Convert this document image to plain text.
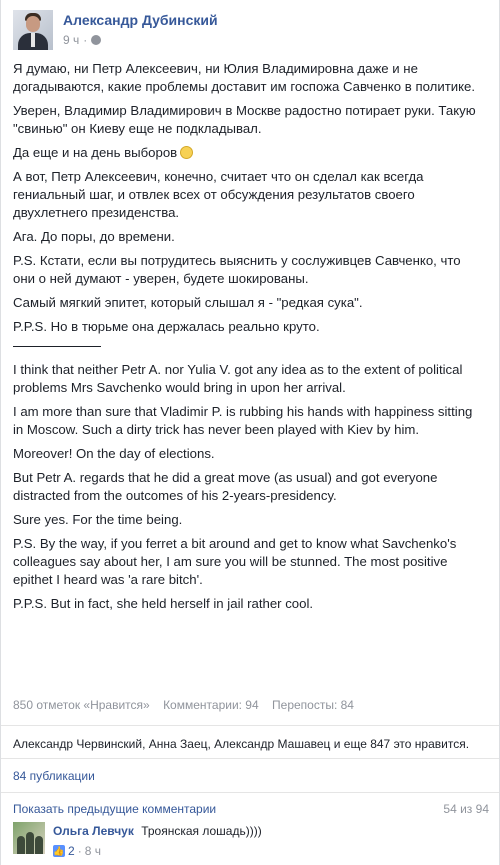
Александр Дубинский
9 ч ·

Я думаю, ни Петр Алексеевич, ни Юлия Владимировна даже и не догадываются, какие проблемы доставит им госпожа Савченко в политике.

Уверен, Владимир Владимирович в Москве радостно потирает руки. Такую "свинью" он Киеву еще не подкладывал.

Да еще и на день выборов

А вот, Петр Алексеевич, конечно, считает что он сделал как всегда гениальный шаг, и отвлек всех от обсуждения результатов своего двухлетнего президенства.

Ага. До поры, до времени.

P.S. Кстати, если вы потрудитесь выяснить у сослуживцев Савченко, что они о ней думают - уверен, будете шокированы.

Самый мягкий эпитет, который слышал я - "редкая сука".

P.P.S. Но в тюрьме она держалась реально круто.

I think that neither Petr A. nor Yulia V. got any idea as to the extent of political problems Mrs Savchenko would bring in upon her arrival.

I am more than sure that Vladimir P. is rubbing his hands with happiness sitting in Moscow. Such a dirty trick has never been played with Kiev by him.

Moreover! On the day of elections.

But Petr A. regards that he did a great move (as usual) and got everyone distracted from the outcomes of his 2-years-presidency.

Sure yes. For the time being.

P.S. By the way, if you ferret a bit around and get to know what Savchenko's colleagues say about her, I am sure you will be stunned. The most positive epithet I heard was 'a rare bitch'.

P.P.S. But in fact, she held herself in jail rather cool.

850 отметок «Нравится» Комментарии: 94 Перепосты: 84
Александр Червинский, Анна Заец, Александр Машавец и еще 847 это нравится.
84 публикации
Показать предыдущие комментарии	54 из 94
Ольга Левчук Троянская лошадь))))
👍 2 · 8 ч
